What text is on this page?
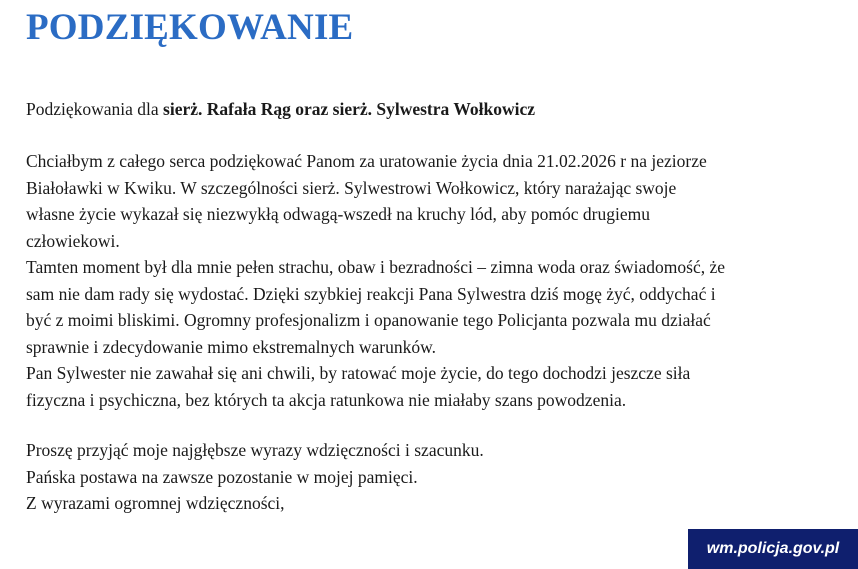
PODZIĘKOWANIE
Podziękowania dla sierż. Rafała Rąg oraz sierż. Sylwestra Wołkowicz
Chciałbym z całego serca podziękować Panom za uratowanie życia dnia 21.02.2026 r na jeziorze
Białoławki w Kwiku. W szczególności sierż. Sylwestrowi Wołkowicz, który narażając swoje
własne życie wykazał się niezwykłą odwagą-wszedł na kruchy lód, aby pomóc drugiemu
człowiekowi.
Tamten moment był dla mnie pełen strachu, obaw i bezradności – zimna woda oraz świadomość, że
sam nie dam rady się wydostać. Dzięki szybkiej reakcji Pana Sylwestra dziś mogę żyć, oddychać i
być z moimi bliskimi. Ogromny profesjonalizm i opanowanie tego Policjanta pozwala mu działać
sprawnie i zdecydowanie mimo ekstremalnych warunków.
Pan Sylwester nie zawahał się ani chwili, by ratować moje życie, do tego dochodzi jeszcze siła
fizyczna i psychiczna, bez których ta akcja ratunkowa nie miałaby szans powodzenia.
Proszę przyjąć moje najgłębsze wyrazy wdzięczności i szacunku.
Pańska postawa na zawsze pozostanie w mojej pamięci.
Z wyrazami ogromnej wdzięczności,
wm.policja.gov.pl
